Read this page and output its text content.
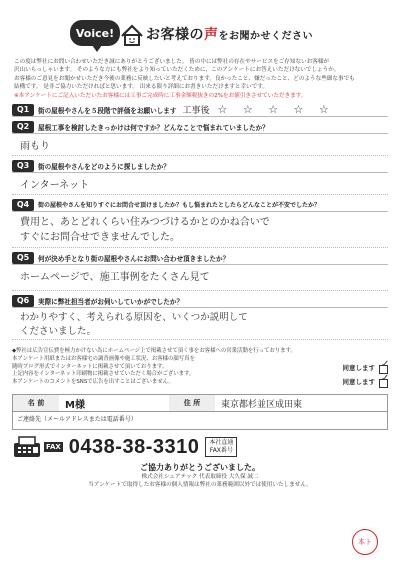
Voice!	お客様の声をお聞かせください
この度は弊社にお問い合わせいただき誠にありがとうございました。 皆の中には弊社の存在やサービスをご存知ないお客様が
沢山いらっしゃいます。 そのような方にも弊社をより知っていただくために、このアンケートにお答えいただけないでしょうか。
お客様のご意見をお聞かせいただき今後の業務に反映したいと考えております。良かったこと、嫌だったこと、どのような些細な事でも
結構です。 是非ご協力いただければと思います。 出来る限り詳細にお書きいただけますと幸いです。
※本アンケートにご記入いただいたお客様には工事ご完成時に工事金額税抜きの2%をお値引きさせていただきます。
Q1	街の屋根やさんを５段階で評価をお願いします 工事後 ☆ ☆ ☆ ☆ ☆
Q2	屋根工事を検討したきっかけは何ですか？どんなことで悩まれていましたか？
雨もり
Q3	街の屋根やさんをどのように探しましたか？
インターネット
Q4	街の屋根やさんを知りすぐにお問合せ頂けましたか？もし悩まれたとしたらどんなことが不安でしたか？
費用と、あとどれくらい住みつづけるかとのかね合いで
すぐにお問合せできませんでした。
Q5	何が決め手となり街の屋根やさんにお問い合わせ頂きましたか？
ホームページで、施工事例をたくさん見て
Q6	実際に弊社担当者がお伺いしていかがでしたか？
わかりやすく、考えられる原因を、いくつか説明して
くださいました。
◆弊社は広告宣伝費を極力かけない為にホームページ上で掲載させて頂く事をお客様への営業活動を行っております。
本アンケート用紙またはお客様宅の調査画像や施工状況、お客様の顔写真を
随時ブログ形式でインターネットに掲載させて頂いております。
上記内容をインターネット印刷物に掲載させていただく場合がございます。
本アンケートのコメントをSNSで広告を出すことはございません。
同意します ✓
同意します ✓
名 前	M様	住 所	東京都杉並区成田東
ご連絡先（メールアドレスまたは電話番号）
FAX 0438-38-3310 本社直通
FAX番号
ご協力ありがとうございました。
株式会社シェアテック 代表取締役 大久保 誠二
当アンケートで取得したお客様の個人情報は弊社の業務範囲以外では使用いたしません。
本ト
